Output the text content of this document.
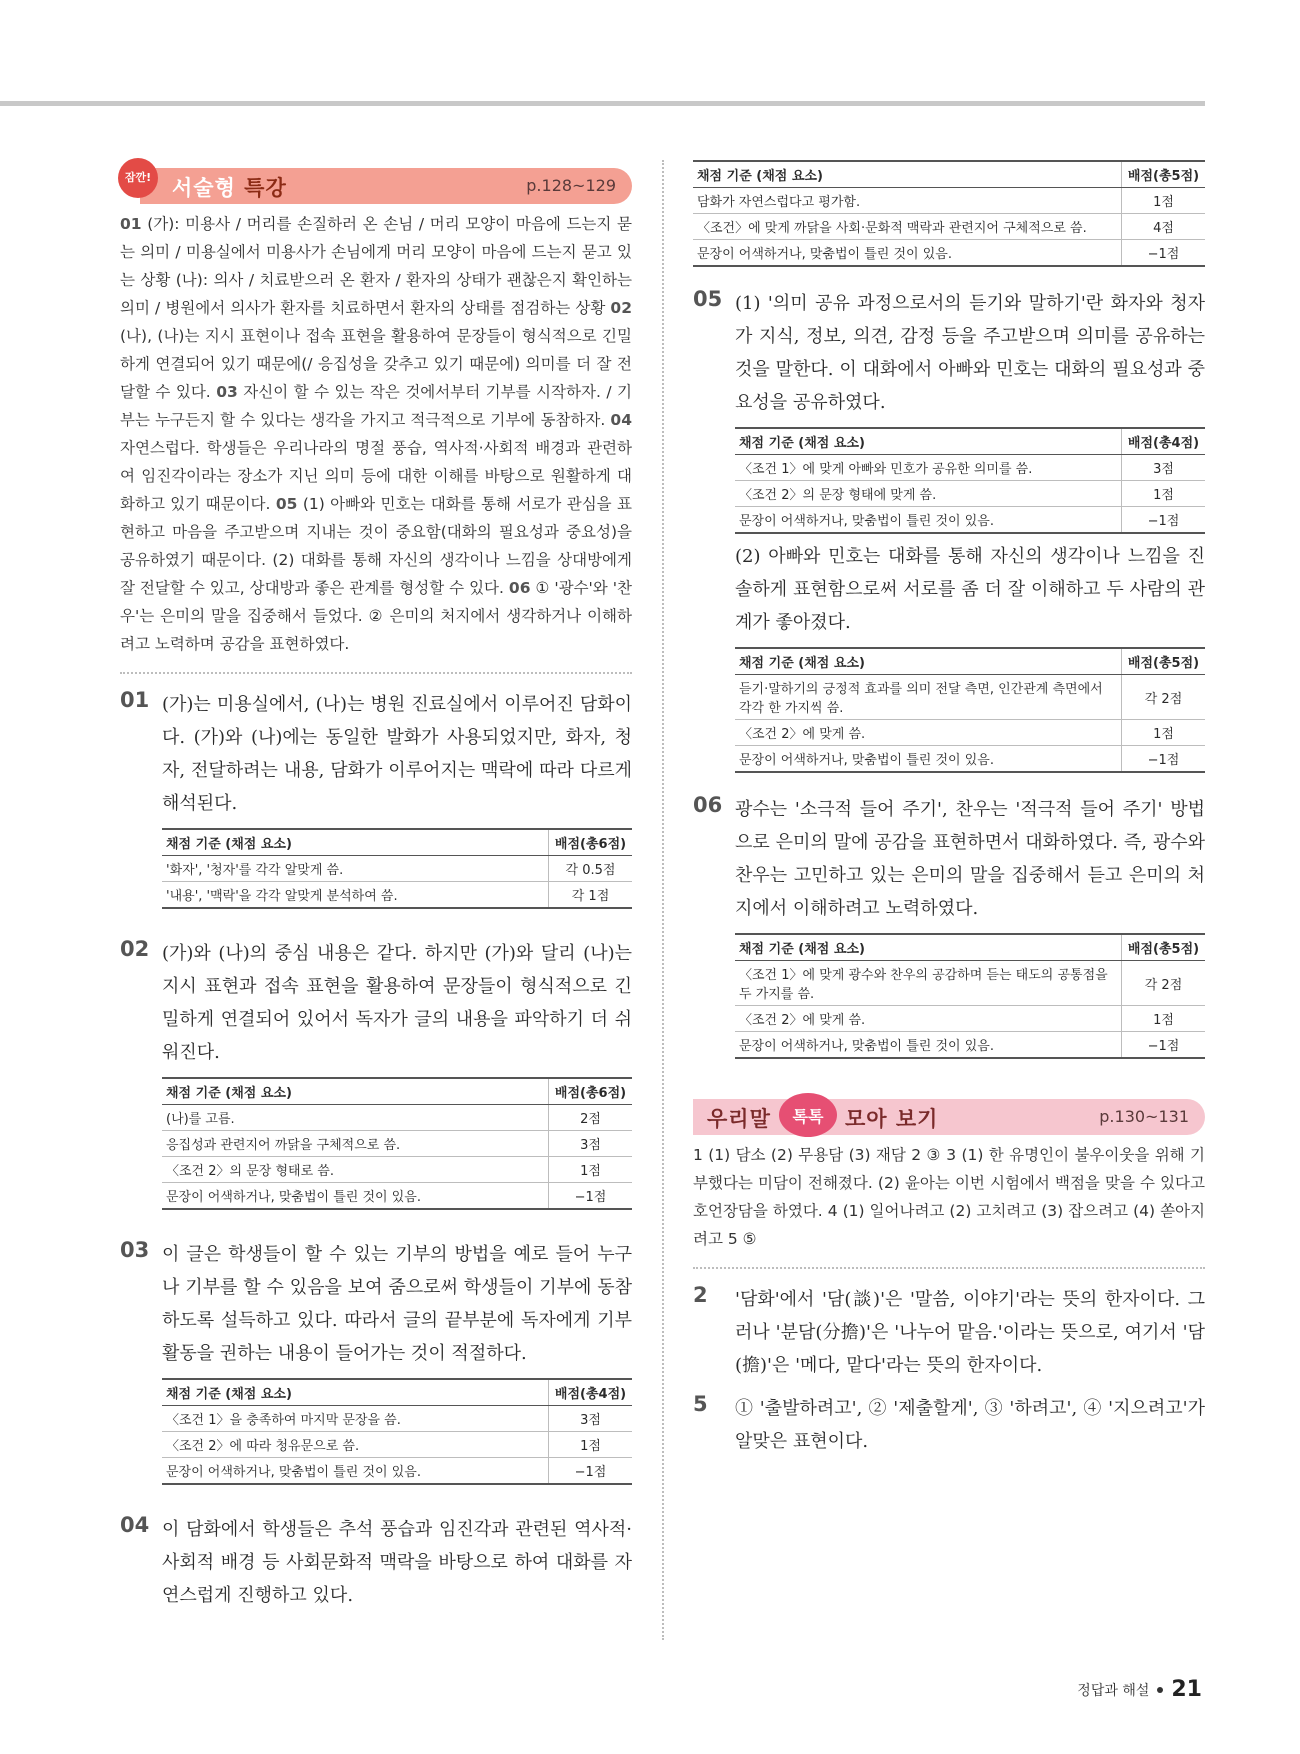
잠깐! 서술형 특강	p.128~129
01 (가): 미용사 / 머리를 손질하러 온 손님 / 머리 모양이 마음에 드는지 묻는 의미 / 미용실에서 미용사가 손님에게 머리 모양이 마음에 드는지 묻고 있는 상황 (나): 의사 / 치료받으러 온 환자 / 환자의 상태가 괜찮은지 확인하는 의미 / 병원에서 의사가 환자를 치료하면서 환자의 상태를 점검하는 상황 02 (나), (나)는 지시 표현이나 접속 표현을 활용하여 문장들이 형식적으로 긴밀하게 연결되어 있기 때문에(/ 응집성을 갖추고 있기 때문에) 의미를 더 잘 전달할 수 있다. 03 자신이 할 수 있는 작은 것에서부터 기부를 시작하자. / 기부는 누구든지 할 수 있다는 생각을 가지고 적극적으로 기부에 동참하자. 04 자연스럽다. 학생들은 우리나라의 명절 풍습, 역사적·사회적 배경과 관련하여 임진각이라는 장소가 지닌 의미 등에 대한 이해를 바탕으로 원활하게 대화하고 있기 때문이다. 05 (1) 아빠와 민호는 대화를 통해 서로가 관심을 표현하고 마음을 주고받으며 지내는 것이 중요함(대화의 필요성과 중요성)을 공유하였기 때문이다. (2) 대화를 통해 자신의 생각이나 느낌을 상대방에게 잘 전달할 수 있고, 상대방과 좋은 관계를 형성할 수 있다. 06 ① '광수'와 '찬우'는 은미의 말을 집중해서 들었다. ② 은미의 처지에서 생각하거나 이해하려고 노력하며 공감을 표현하였다.
01 (가)는 미용실에서, (나)는 병원 진료실에서 이루어진 담화이다. (가)와 (나)에는 동일한 발화가 사용되었지만, 화자, 청자, 전달하려는 내용, 담화가 이루어지는 맥락에 따라 다르게 해석된다.
채점 기준 (채점 요소)	배점(총6점)
'화자', '청자'를 각각 알맞게 씀.	각 0.5점
'내용', '맥락'을 각각 알맞게 분석하여 씀.	각 1점
02 (가)와 (나)의 중심 내용은 같다. 하지만 (가)와 달리 (나)는 지시 표현과 접속 표현을 활용하여 문장들이 형식적으로 긴밀하게 연결되어 있어서 독자가 글의 내용을 파악하기 더 쉬워진다.
채점 기준 (채점 요소)	배점(총6점)
(나)를 고름.	2점
응집성과 관련지어 까닭을 구체적으로 씀.	3점
〈조건 2〉의 문장 형태로 씀.	1점
문장이 어색하거나, 맞춤법이 틀린 것이 있음.	−1점
03 이 글은 학생들이 할 수 있는 기부의 방법을 예로 들어 누구나 기부를 할 수 있음을 보여 줌으로써 학생들이 기부에 동참하도록 설득하고 있다. 따라서 글의 끝부분에 독자에게 기부 활동을 권하는 내용이 들어가는 것이 적절하다.
채점 기준 (채점 요소)	배점(총4점)
〈조건 1〉을 충족하여 마지막 문장을 씀.	3점
〈조건 2〉에 따라 청유문으로 씀.	1점
문장이 어색하거나, 맞춤법이 틀린 것이 있음.	−1점
04 이 담화에서 학생들은 추석 풍습과 임진각과 관련된 역사적·사회적 배경 등 사회문화적 맥락을 바탕으로 하여 대화를 자연스럽게 진행하고 있다.
채점 기준 (채점 요소)	배점(총5점)
담화가 자연스럽다고 평가함.	1점
〈조건〉에 맞게 까닭을 사회·문화적 맥락과 관련지어 구체적으로 씀.	4점
문장이 어색하거나, 맞춤법이 틀린 것이 있음.	−1점
05 (1) '의미 공유 과정으로서의 듣기와 말하기'란 화자와 청자가 지식, 정보, 의견, 감정 등을 주고받으며 의미를 공유하는 것을 말한다. 이 대화에서 아빠와 민호는 대화의 필요성과 중요성을 공유하였다.
채점 기준 (채점 요소)	배점(총4점)
〈조건 1〉에 맞게 아빠와 민호가 공유한 의미를 씀.	3점
〈조건 2〉의 문장 형태에 맞게 씀.	1점
문장이 어색하거나, 맞춤법이 틀린 것이 있음.	−1점
(2) 아빠와 민호는 대화를 통해 자신의 생각이나 느낌을 진솔하게 표현함으로써 서로를 좀 더 잘 이해하고 두 사람의 관계가 좋아졌다.
채점 기준 (채점 요소)	배점(총5점)
듣기·말하기의 긍정적 효과를 의미 전달 측면, 인간관계 측면에서 각각 한 가지씩 씀.	각 2점
〈조건 2〉에 맞게 씀.	1점
문장이 어색하거나, 맞춤법이 틀린 것이 있음.	−1점
06 광수는 '소극적 들어 주기', 찬우는 '적극적 들어 주기' 방법으로 은미의 말에 공감을 표현하면서 대화하였다. 즉, 광수와 찬우는 고민하고 있는 은미의 말을 집중해서 듣고 은미의 처지에서 이해하려고 노력하였다.
채점 기준 (채점 요소)	배점(총5점)
〈조건 1〉에 맞게 광수와 찬우의 공감하며 듣는 태도의 공통점을 두 가지를 씀.	각 2점
〈조건 2〉에 맞게 씀.	1점
문장이 어색하거나, 맞춤법이 틀린 것이 있음.	−1점
우리말	톡톡	모아 보기	p.130~131
1 (1) 담소 (2) 무용담 (3) 재담 2 ③ 3 (1) 한 유명인이 불우이웃을 위해 기부했다는 미담이 전해졌다. (2) 윤아는 이번 시험에서 백점을 맞을 수 있다고 호언장담을 하였다. 4 (1) 일어나려고 (2) 고치려고 (3) 잡으려고 (4) 쏟아지려고 5 ⑤
2	'담화'에서 '담(談)'은 '말씀, 이야기'라는 뜻의 한자이다. 그러나 '분담(分擔)'은 '나누어 맡음.'이라는 뜻으로, 여기서 '담(擔)'은 '메다, 맡다'라는 뜻의 한자이다.
5	① '출발하려고', ② '제출할게', ③ '하려고', ④ '지으려고'가 알맞은 표현이다.
정답과 해설 21
